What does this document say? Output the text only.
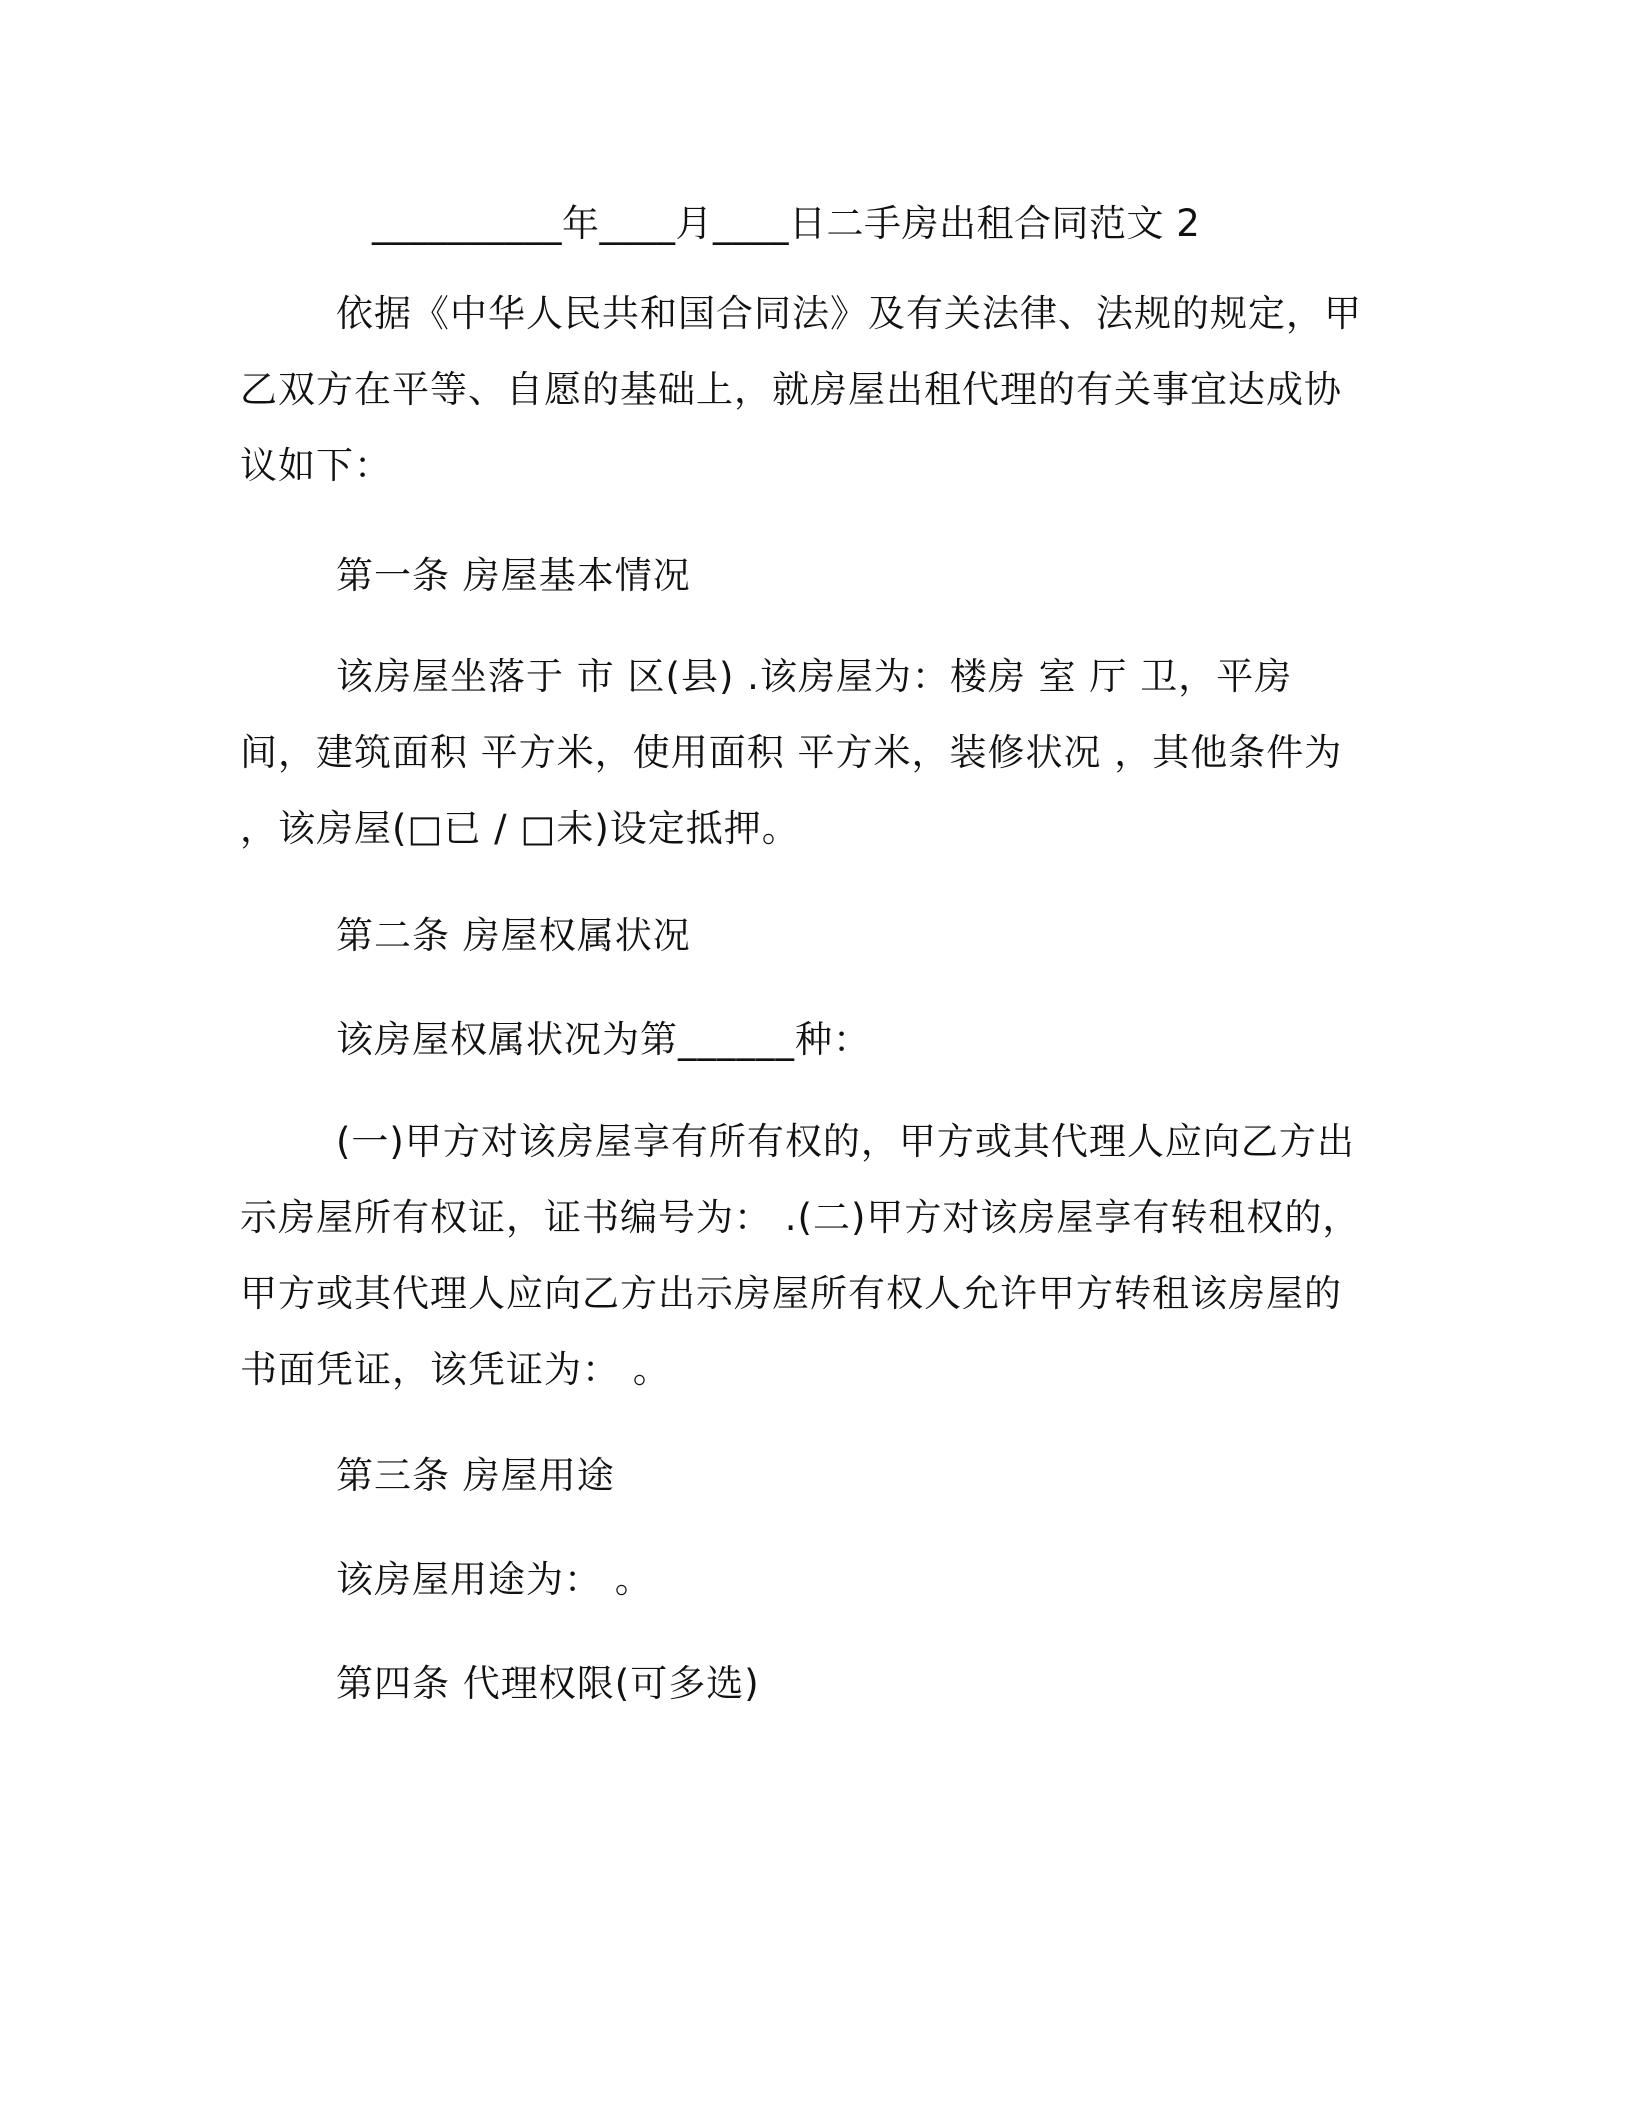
__________年____月____日二手房出租合同范文 2
依据《中华人民共和国合同法》及有关法律、法规的规定，甲乙双方在平等、自愿的基础上，就房屋出租代理的有关事宜达成协议如下：
第一条 房屋基本情况
该房屋坐落于 市 区(县) .该房屋为：楼房 室 厅 卫，平房 间，建筑面积 平方米，使用面积 平方米，装修状况 ，其他条件为 ，该房屋(□已 / □未)设定抵押。
第二条 房屋权属状况
该房屋权属状况为第______种：
(一)甲方对该房屋享有所有权的，甲方或其代理人应向乙方出示房屋所有权证，证书编号为： .(二)甲方对该房屋享有转租权的，甲方或其代理人应向乙方出示房屋所有权人允许甲方转租该房屋的书面凭证，该凭证为： 。
第三条 房屋用途
该房屋用途为： 。
第四条 代理权限(可多选)
